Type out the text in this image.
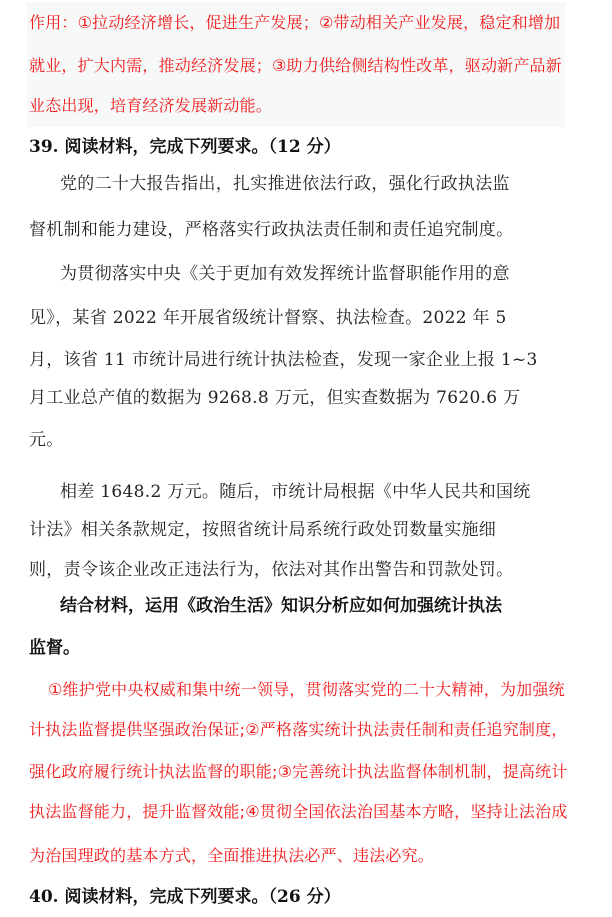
作用：①拉动经济增长，促进生产发展；②带动相关产业发展，稳定和增加
就业，扩大内需，推动经济发展；③助力供给侧结构性改革，驱动新产品新
业态出现，培育经济发展新动能。
39. 阅读材料，完成下列要求。（12 分）
党的二十大报告指出，扎实推进依法行政，强化行政执法监
督机制和能力建设，严格落实行政执法责任制和责任追究制度。
为贯彻落实中央《关于更加有效发挥统计监督职能作用的意
见》，某省 2022 年开展省级统计督察、执法检查。2022 年 5
月，该省 11 市统计局进行统计执法检查，发现一家企业上报 1~3
月工业总产值的数据为 9268.8 万元，但实查数据为 7620.6 万
元。
相差 1648.2 万元。随后，市统计局根据《中华人民共和国统
计法》相关条款规定，按照省统计局系统行政处罚数量实施细
则，责令该企业改正违法行为，依法对其作出警告和罚款处罚。
结合材料，运用《政治生活》知识分析应如何加强统计执法
监督。
①维护党中央权威和集中统一领导，贯彻落实党的二十大精神，为加强统
计执法监督提供坚强政治保证;②严格落实统计执法责任制和责任追究制度，
强化政府履行统计执法监督的职能;③完善统计执法监督体制机制，提高统计
执法监督能力，提升监督效能;④贯彻全国依法治国基本方略，坚持让法治成
为治国理政的基本方式，全面推进执法必严、违法必究。
40. 阅读材料，完成下列要求。（26 分）
